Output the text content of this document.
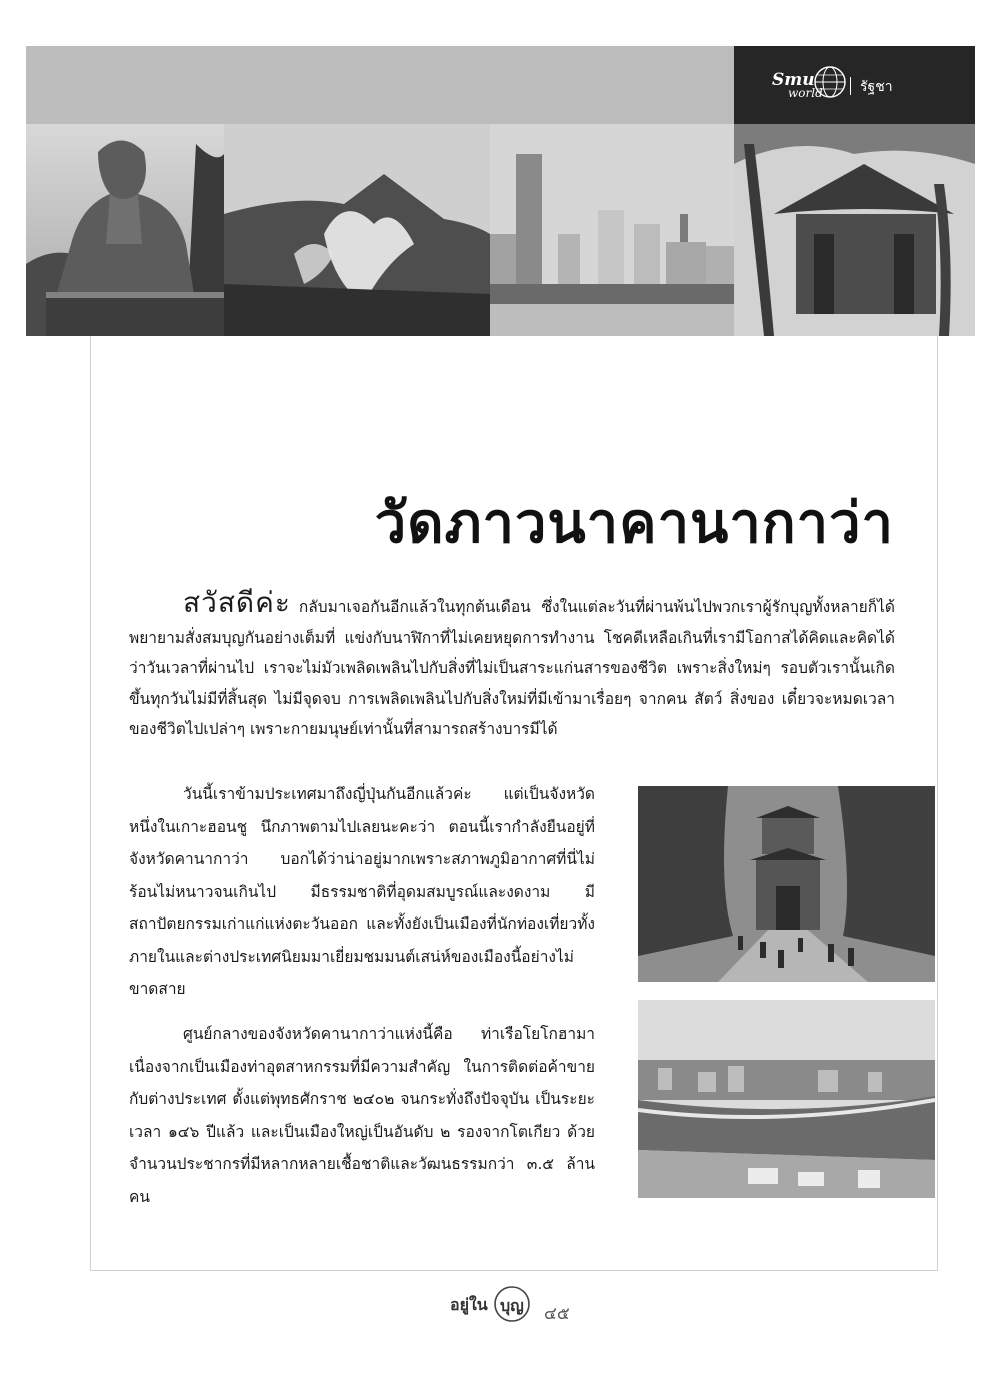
Smu
world	รัฐชา
วัดภาวนาคานากาว่า
สวัสดีค่ะ กลับมาเจอกันอีกแล้วในทุกต้นเดือน ซึ่งในแต่ละวันที่ผ่านพ้นไปพวกเราผู้รักบุญทั้งหลายก็ได้พยายามสั่งสมบุญกันอย่างเต็มที่ แข่งกับนาฬิกาที่ไม่เคยหยุดการทำงาน โชคดีเหลือเกินที่เรามีโอกาสได้คิดและคิดได้ว่าวันเวลาที่ผ่านไป เราจะไม่มัวเพลิดเพลินไปกับสิ่งที่ไม่เป็นสาระแก่นสารของชีวิต เพราะสิ่งใหม่ๆ รอบตัวเรานั้นเกิดขึ้นทุกวันไม่มีที่สิ้นสุด ไม่มีจุดจบ การเพลิดเพลินไปกับสิ่งใหม่ที่มีเข้ามาเรื่อยๆ จากคน สัตว์ สิ่งของ เดี๋ยวจะหมดเวลาของชีวิตไปเปล่าๆ เพราะกายมนุษย์เท่านั้นที่สามารถสร้างบารมีได้
วันนี้เราข้ามประเทศมาถึงญี่ปุ่นกันอีกแล้วค่ะ แต่เป็นจังหวัดหนึ่งในเกาะฮอนชู นึกภาพตามไปเลยนะคะว่า ตอนนี้เรากำลังยืนอยู่ที่จังหวัดคานากาว่า บอกได้ว่าน่าอยู่มากเพราะสภาพภูมิอากาศที่นี่ไม่ร้อนไม่หนาวจนเกินไป มีธรรมชาติที่อุดมสมบูรณ์และงดงาม มีสถาปัตยกรรมเก่าแก่แห่งตะวันออก และทั้งยังเป็นเมืองที่นักท่องเที่ยวทั้งภายในและต่างประเทศนิยมมาเยี่ยมชมมนต์เสน่ห์ของเมืองนี้อย่างไม่ขาดสาย
ศูนย์กลางของจังหวัดคานากาว่าแห่งนี้คือ ท่าเรือโยโกฮามา เนื่องจากเป็นเมืองท่าอุตสาหกรรมที่มีความสำคัญ ในการติดต่อค้าขายกับต่างประเทศ ตั้งแต่พุทธศักราช ๒๔๐๒ จนกระทั่งถึงปัจจุบัน เป็นระยะเวลา ๑๔๖ ปีแล้ว และเป็นเมืองใหญ่เป็นอันดับ ๒ รองจากโตเกียว ด้วยจำนวนประชากรที่มีหลากหลายเชื้อชาติและวัฒนธรรมกว่า ๓.๕ ล้านคน
อยู่ใน บุญ ๔๕
